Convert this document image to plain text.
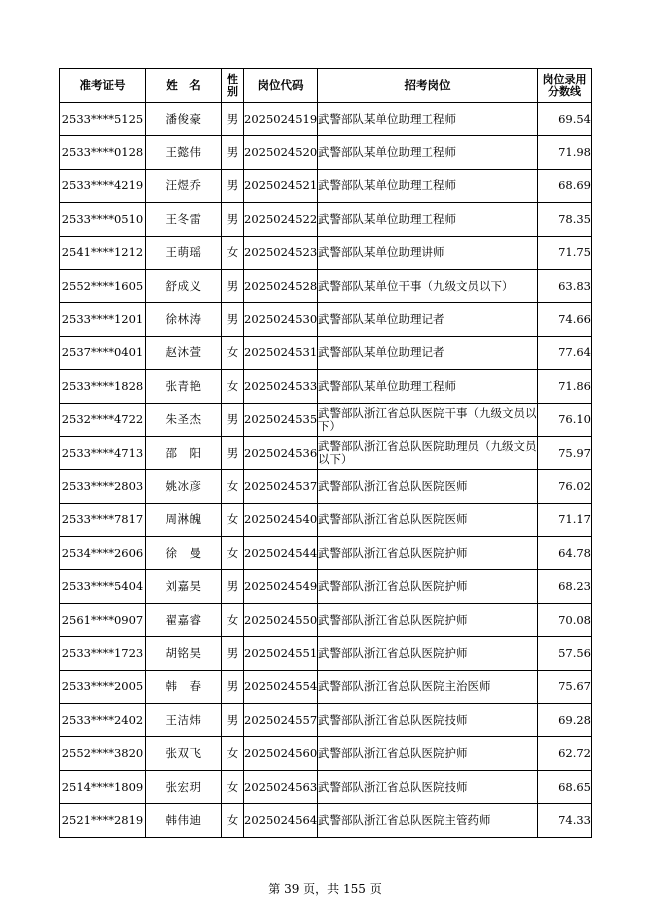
准考证号	姓　名	性别	岗位代码	招考岗位	岗位录用分数线
2533****5125	潘俊豪	男	2025024519	武警部队某单位助理工程师	69.54
2533****0128	王懿伟	男	2025024520	武警部队某单位助理工程师	71.98
2533****4219	汪煜乔	男	2025024521	武警部队某单位助理工程师	68.69
2533****0510	王冬雷	男	2025024522	武警部队某单位助理工程师	78.35
2541****1212	王萌瑶	女	2025024523	武警部队某单位助理讲师	71.75
2552****1605	舒成义	男	2025024528	武警部队某单位干事（九级文员以下）	63.83
2533****1201	徐林涛	男	2025024530	武警部队某单位助理记者	74.66
2537****0401	赵沐萱	女	2025024531	武警部队某单位助理记者	77.64
2533****1828	张青艳	女	2025024533	武警部队某单位助理工程师	71.86
2532****4722	朱圣杰	男	2025024535	武警部队浙江省总队医院干事（九级文员以下）	76.10
2533****4713	邵　阳	男	2025024536	武警部队浙江省总队医院助理员（九级文员以下）	75.97
2533****2803	姚冰彦	女	2025024537	武警部队浙江省总队医院医师	76.02
2533****7817	周淋魄	女	2025024540	武警部队浙江省总队医院医师	71.17
2534****2606	徐　曼	女	2025024544	武警部队浙江省总队医院护师	64.78
2533****5404	刘嘉昊	男	2025024549	武警部队浙江省总队医院护师	68.23
2561****0907	翟嘉睿	女	2025024550	武警部队浙江省总队医院护师	70.08
2533****1723	胡铭昊	男	2025024551	武警部队浙江省总队医院护师	57.56
2533****2005	韩　春	男	2025024554	武警部队浙江省总队医院主治医师	75.67
2533****2402	王洁炜	男	2025024557	武警部队浙江省总队医院技师	69.28
2552****3820	张双飞	女	2025024560	武警部队浙江省总队医院护师	62.72
2514****1809	张宏玥	女	2025024563	武警部队浙江省总队医院技师	68.65
2521****2819	韩伟迪	女	2025024564	武警部队浙江省总队医院主管药师	74.33
第 39 页，共 155 页
